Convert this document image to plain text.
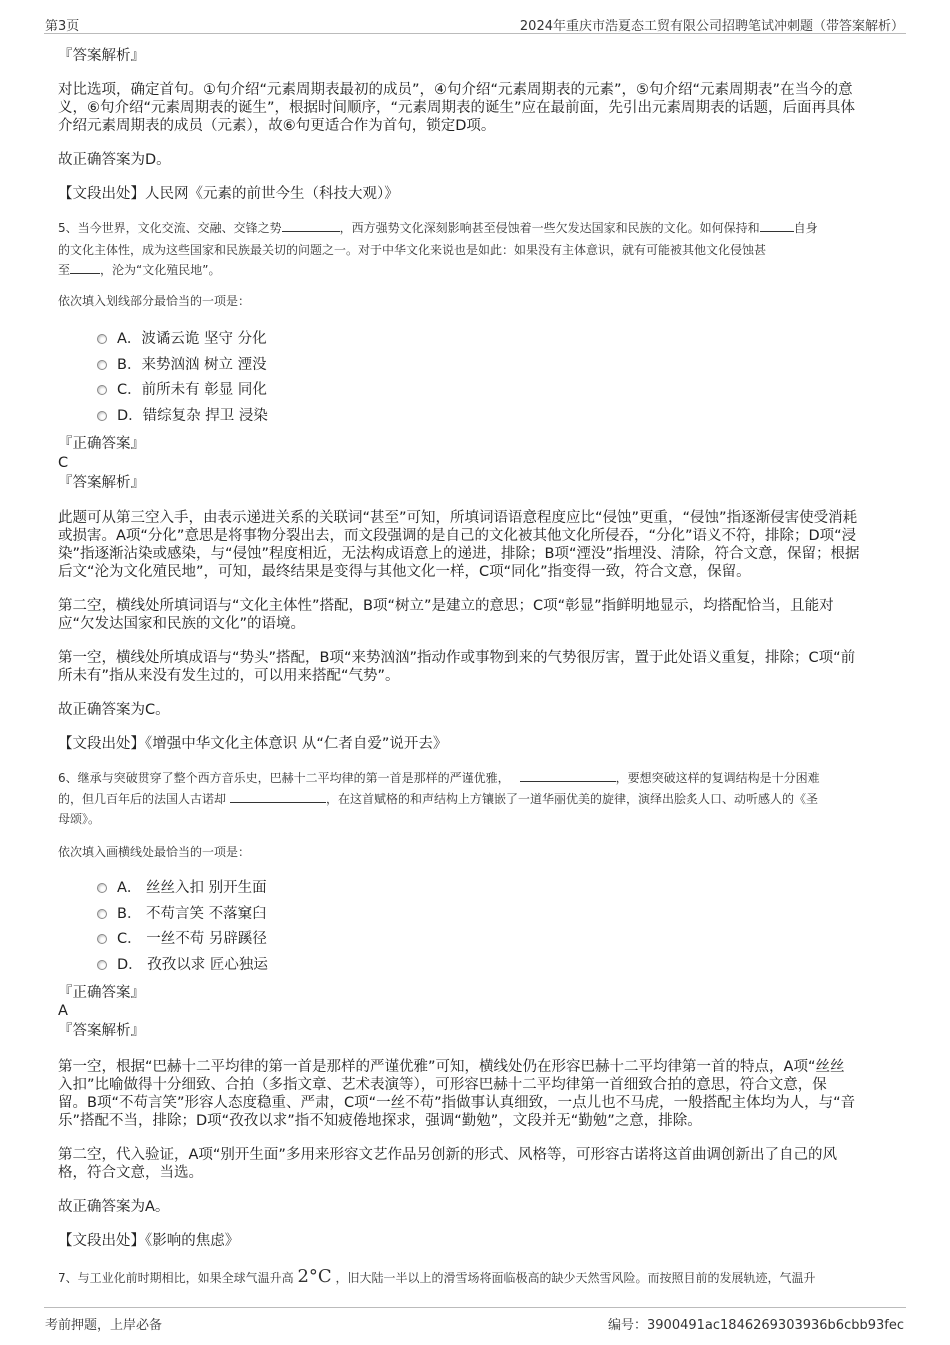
第3页	2024年重庆市浩夏态工贸有限公司招聘笔试冲刺题（带答案解析）
『答案解析』
对比选项，确定首句。①句介绍“元素周期表最初的成员”，④句介绍“元素周期表的元素”，⑤句介绍“元素周期表”在当今的意
义，⑥句介绍“元素周期表的诞生”，根据时间顺序，“元素周期表的诞生”应在最前面，先引出元素周期表的话题，后面再具体
介绍元素周期表的成员（元素），故⑥句更适合作为首句，锁定D项。
故正确答案为D。
【文段出处】人民网《元素的前世今生（科技大观）》
5、当今世界，文化交流、交融、交锋之势	，西方强势文化深刻影响甚至侵蚀着一些欠发达国家和民族的文化。如何保持和	自身
的文化主体性，成为这些国家和民族最关切的问题之一。对于中华文化来说也是如此：如果没有主体意识，就有可能被其他文化侵蚀甚
至	，沦为“文化殖民地”。
依次填入划线部分最恰当的一项是：
A．波谲云诡 坚守 分化
B．来势汹汹 树立 湮没
C．前所未有 彰显 同化
D．错综复杂 捍卫 浸染
『正确答案』
C
『答案解析』
此题可从第三空入手，由表示递进关系的关联词“甚至”可知，所填词语语意程度应比“侵蚀”更重，“侵蚀”指逐渐侵害使受消耗
或损害。A项“分化”意思是将事物分裂出去，而文段强调的是自己的文化被其他文化所侵吞，“分化”语义不符，排除；D项“浸
染”指逐渐沾染或感染，与“侵蚀”程度相近，无法构成语意上的递进，排除；B项“湮没”指埋没、清除，符合文意，保留；根据
后文“沦为文化殖民地”，可知，最终结果是变得与其他文化一样，C项“同化”指变得一致，符合文意，保留。
第二空，横线处所填词语与“文化主体性”搭配，B项“树立”是建立的意思；C项“彰显”指鲜明地显示，均搭配恰当，且能对
应“欠发达国家和民族的文化”的语境。
第一空，横线处所填成语与“势头”搭配，B项“来势汹汹”指动作或事物到来的气势很厉害，置于此处语义重复，排除；C项“前
所未有”指从来没有发生过的，可以用来搭配“气势”。
故正确答案为C。
【文段出处】《增强中华文化主体意识 从“仁者自爱”说开去》
6、继承与突破贯穿了整个西方音乐史，巴赫十二平均律的第一首是那样的严谨优雅，	，要想突破这样的复调结构是十分困难
的，但几百年后的法国人古诺却	，在这首赋格的和声结构上方镶嵌了一道华丽优美的旋律，演绎出脍炙人口、动听感人的《圣
母颂》。
依次填入画横线处最恰当的一项是：
A． 丝丝入扣 别开生面
B． 不苟言笑 不落窠臼
C． 一丝不苟 另辟蹊径
D． 孜孜以求 匠心独运
『正确答案』
A
『答案解析』
第一空，根据“巴赫十二平均律的第一首是那样的严谨优雅”可知，横线处仍在形容巴赫十二平均律第一首的特点，A项“丝丝
入扣”比喻做得十分细致、合拍（多指文章、艺术表演等），可形容巴赫十二平均律第一首细致合拍的意思，符合文意，保
留。B项“不苟言笑”形容人态度稳重、严肃，C项“一丝不苟”指做事认真细致，一点儿也不马虎，一般搭配主体均为人，与“音
乐”搭配不当，排除；D项“孜孜以求”指不知疲倦地探求，强调“勤勉”，文段并无“勤勉”之意，排除。
第二空，代入验证，A项“别开生面”多用来形容文艺作品另创新的形式、风格等，可形容古诺将这首曲调创新出了自己的风
格，符合文意，当选。
故正确答案为A。
【文段出处】《影响的焦虑》
7、与工业化前时期相比，如果全球气温升高 2°C ，旧大陆一半以上的滑雪场将面临极高的缺少天然雪风险。而按照目前的发展轨迹，气温升
考前押题，上岸必备	编号：3900491ac1846269303936b6cbb93fec
